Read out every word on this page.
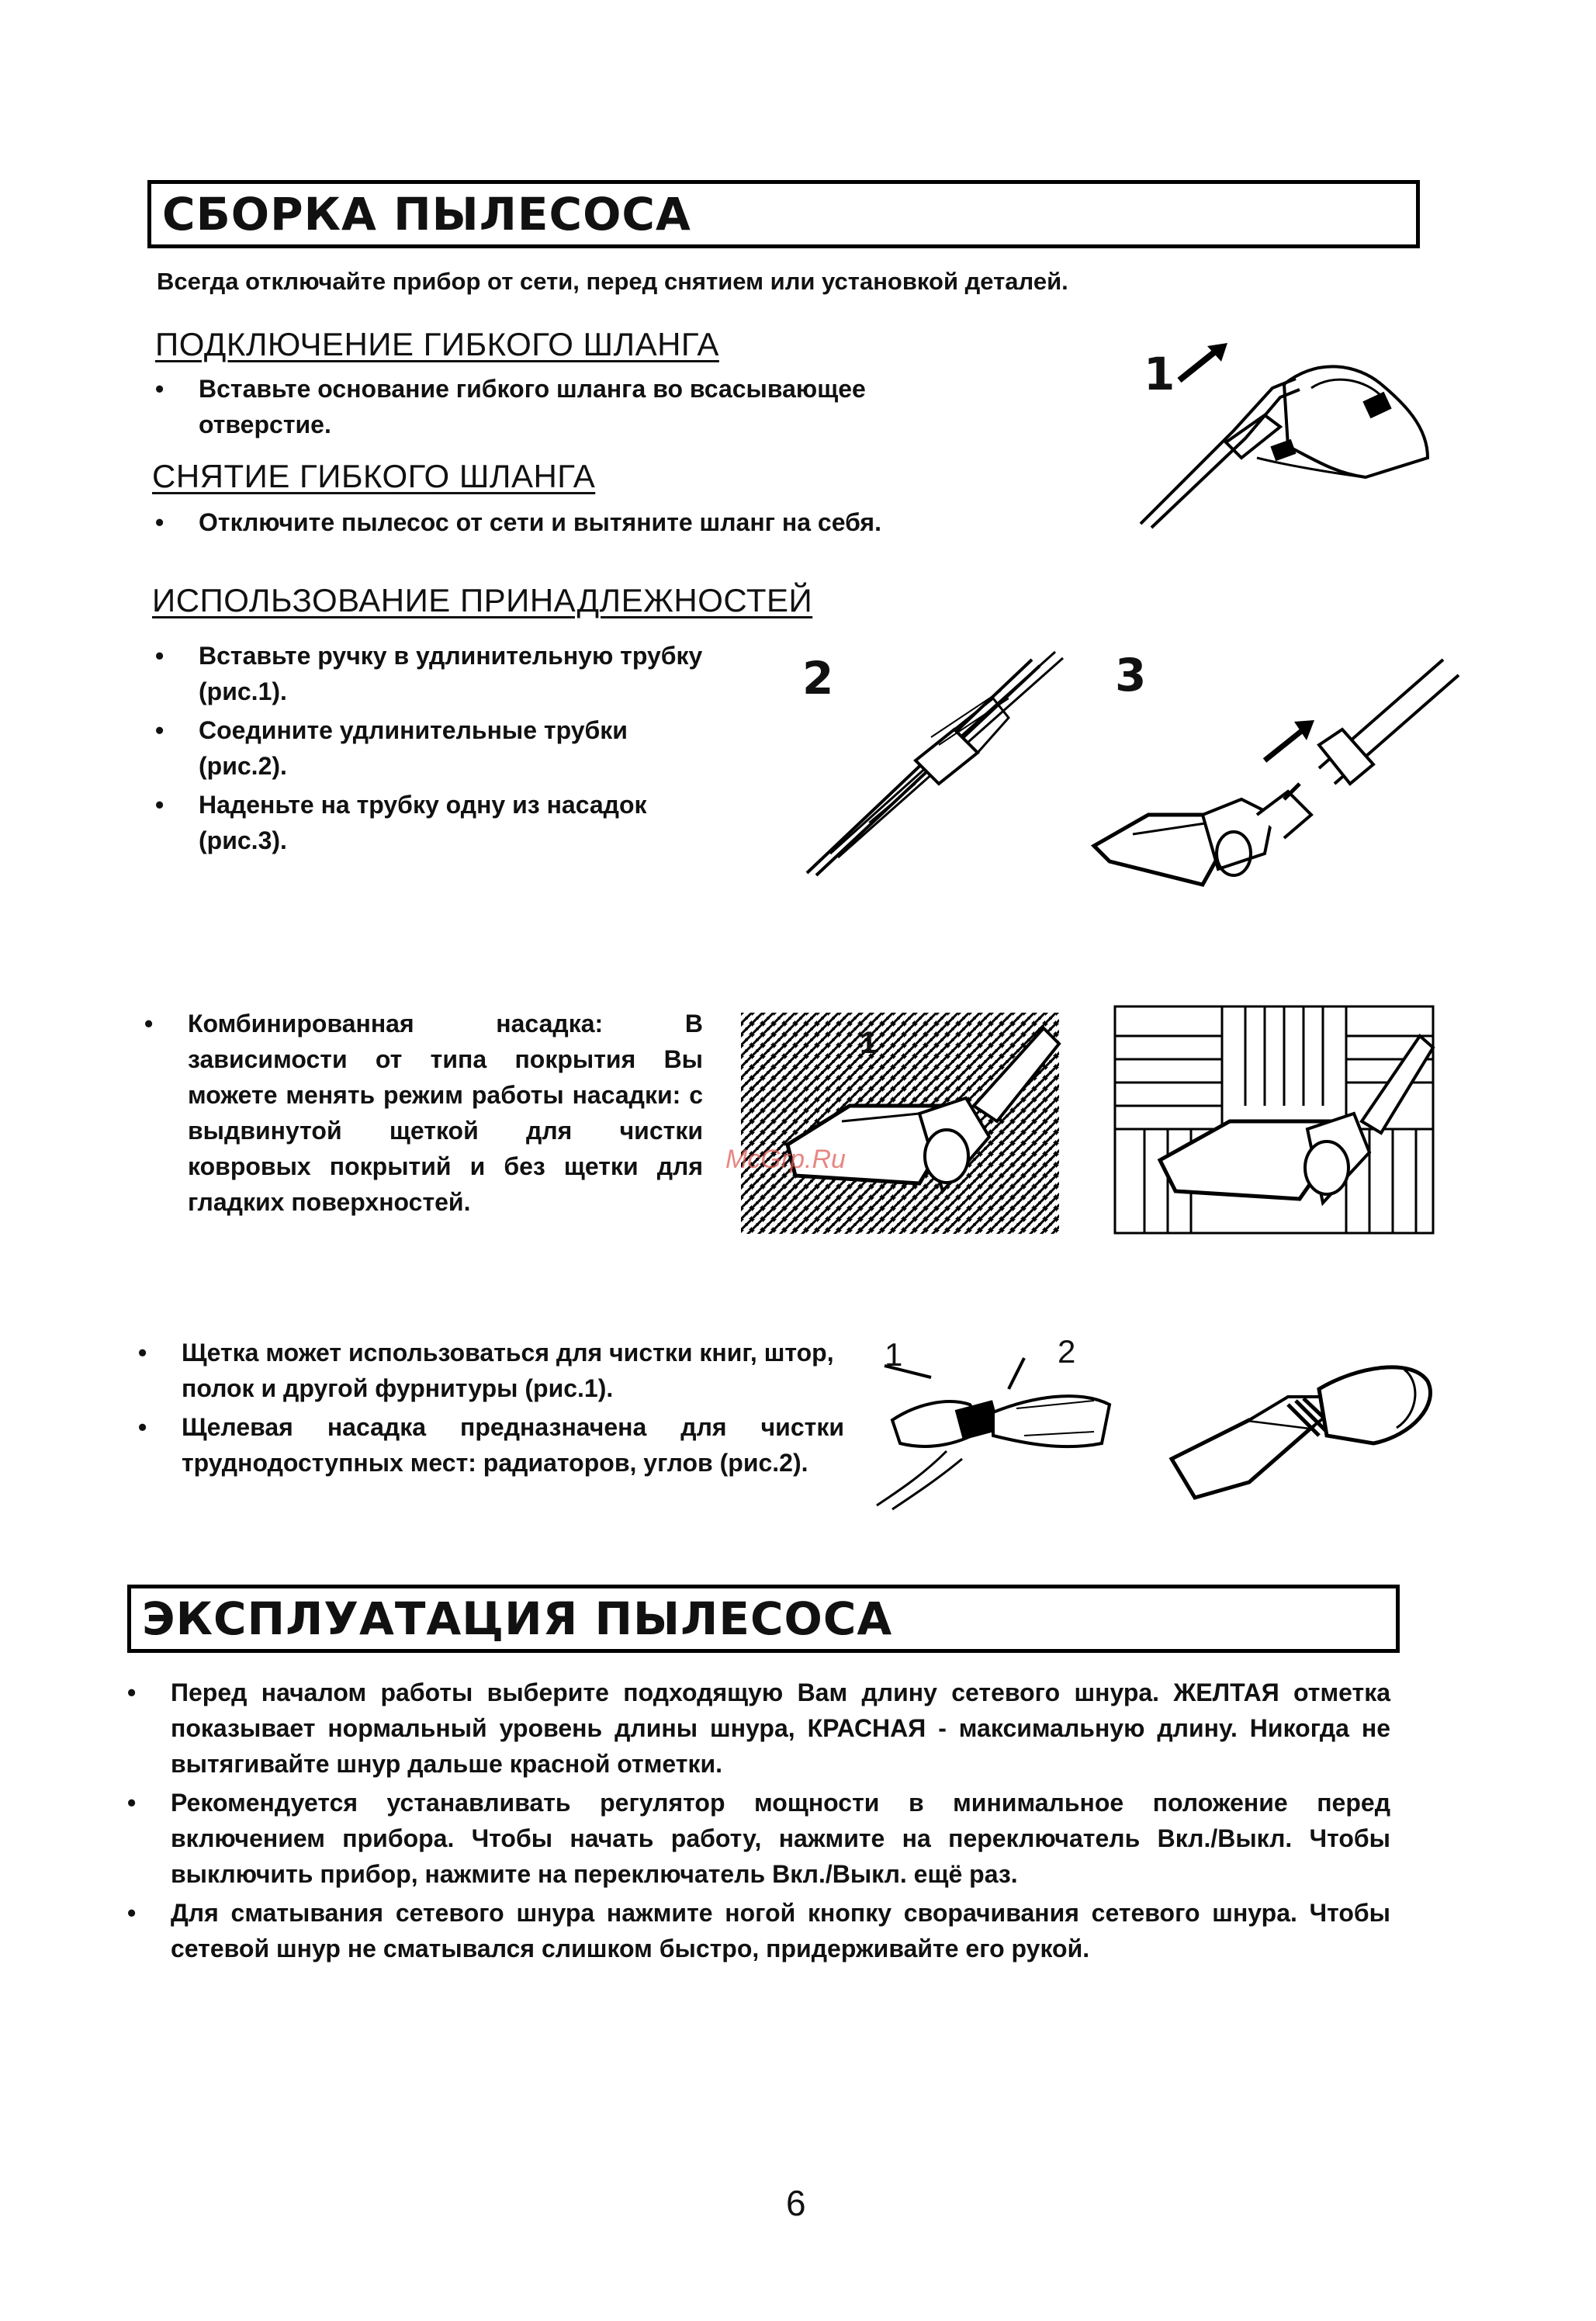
СБОРКА ПЫЛЕСОСА
Всегда отключайте прибор от сети, перед снятием или установкой деталей.
ПОДКЛЮЧЕНИЕ ГИБКОГО ШЛАНГА
• Вставьте основание гибкого шланга во всасывающее отверстие.
СНЯТИЕ ГИБКОГО ШЛАНГА
• Отключите пылесос от сети и вытяните шланг на себя.
1
ИСПОЛЬЗОВАНИЕ ПРИНАДЛЕЖНОСТЕЙ
• Вставьте ручку в удлинительную трубку (рис.1).
• Соедините удлинительные трубки (рис.2).
• Наденьте на трубку одну из насадок (рис.3).
2	3
• Комбинированная насадка: В зависимости от типа покрытия Вы можете менять режим работы насадки: с выдвинутой щеткой для чистки ковровых покрытий и без щетки для гладких поверхностей.
1
McGrp.Ru
• Щетка может использоваться для чистки книг, штор, полок и другой фурнитуры (рис.1).
• Щелевая насадка предназначена для чистки труднодоступных мест: радиаторов, углов (рис.2).
1	2
ЭКСПЛУАТАЦИЯ ПЫЛЕСОСА
• Перед началом работы выберите подходящую Вам длину сетевого шнура. ЖЕЛТАЯ отметка показывает нормальный уровень длины шнура, КРАСНАЯ - максимальную длину. Никогда не вытягивайте шнур дальше красной отметки.
• Рекомендуется устанавливать регулятор мощности в минимальное положение перед включением прибора. Чтобы начать работу, нажмите на переключатель Вкл./Выкл. Чтобы выключить прибор, нажмите на переключатель Вкл./Выкл. ещё раз.
• Для сматывания сетевого шнура нажмите ногой кнопку сворачивания сетевого шнура. Чтобы сетевой шнур не сматывался слишком быстро, придерживайте его рукой.
6
